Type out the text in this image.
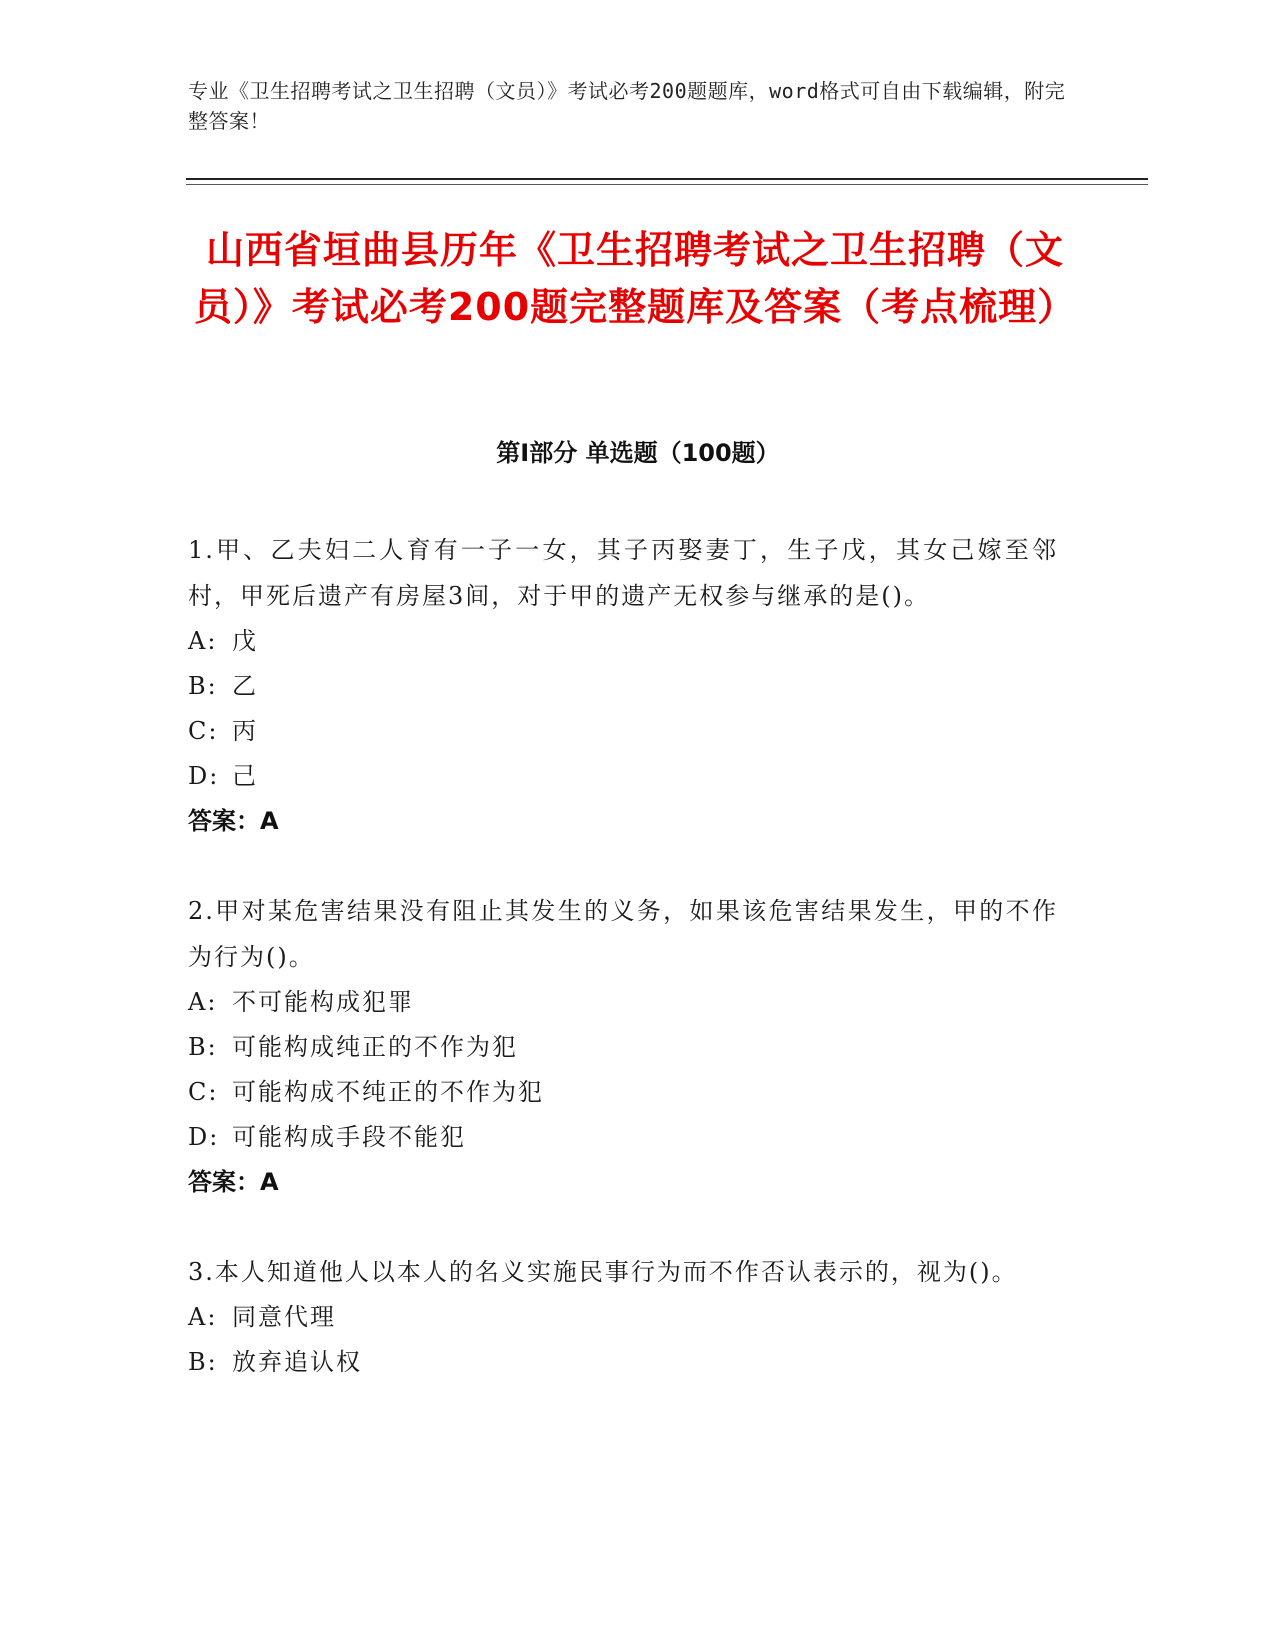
专业《卫生招聘考试之卫生招聘（文员）》考试必考200题题库，word格式可自由下载编辑，附完整答案！
山西省垣曲县历年《卫生招聘考试之卫生招聘（文员）》考试必考200题完整题库及答案（考点梳理）
第I部分 单选题（100题）
1.甲、乙夫妇二人育有一子一女，其子丙娶妻丁，生子戊，其女己嫁至邻村，甲死后遗产有房屋3间，对于甲的遗产无权参与继承的是()。
A: 戊
B: 乙
C: 丙
D: 己
答案：A
2.甲对某危害结果没有阻止其发生的义务，如果该危害结果发生，甲的不作为行为()。
A: 不可能构成犯罪
B: 可能构成纯正的不作为犯
C: 可能构成不纯正的不作为犯
D: 可能构成手段不能犯
答案：A
3.本人知道他人以本人的名义实施民事行为而不作否认表示的，视为()。
A: 同意代理
B: 放弃追认权
